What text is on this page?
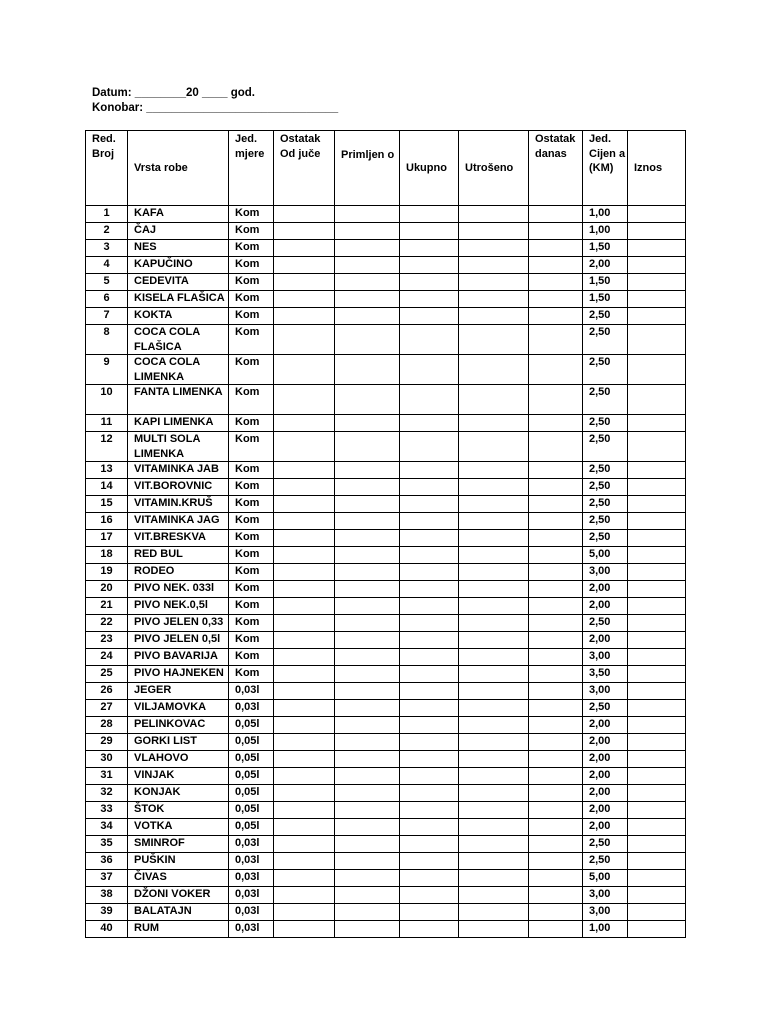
Datum: ________20 ____ god.
Konobar: ______________________________
Red. Broj	Vrsta robe	Jed. mjere	Ostatak Od juče	Primljen o	Ukupno	Utrošeno	Ostatak danas	Jed. Cijen a (KM)	Iznos
1	KAFA	Kom						1,00	
2	ČAJ	Kom						1,00	
3	NES	Kom						1,50	
4	KAPUČINO	Kom						2,00	
5	CEDEVITA	Kom						1,50	
6	KISELA FLAŠICA	Kom						1,50	
7	KOKTA	Kom						2,50	
8	COCA COLA FLAŠICA	Kom						2,50	
9	COCA COLA LIMENKA	Kom						2,50	
10	FANTA LIMENKA	Kom						2,50	
11	KAPI LIMENKA	Kom						2,50	
12	MULTI SOLA LIMENKA	Kom						2,50	
13	VITAMINKA JAB	Kom						2,50	
14	VIT.BOROVNIC	Kom						2,50	
15	VITAMIN.KRUŠ	Kom						2,50	
16	VITAMINKA JAG	Kom						2,50	
17	VIT.BRESKVA	Kom						2,50	
18	RED BUL	Kom						5,00	
19	RODEO	Kom						3,00	
20	PIVO NEK. 033l	Kom						2,00	
21	PIVO NEK.0,5l	Kom						2,00	
22	PIVO JELEN 0,33	Kom						2,50	
23	PIVO JELEN 0,5l	Kom						2,00	
24	PIVO BAVARIJA	Kom						3,00	
25	PIVO HAJNEKEN	Kom						3,50	
26	JEGER	0,03l						3,00	
27	VILJAMOVKA	0,03l						2,50	
28	PELINKOVAC	0,05l						2,00	
29	GORKI LIST	0,05l						2,00	
30	VLAHOVO	0,05l						2,00	
31	VINJAK	0,05l						2,00	
32	KONJAK	0,05l						2,00	
33	ŠTOK	0,05l						2,00	
34	VOTKA	0,05l						2,00	
35	SMINROF	0,03l						2,50	
36	PUŠKIN	0,03l						2,50	
37	ČIVAS	0,03l						5,00	
38	DŽONI VOKER	0,03l						3,00	
39	BALATAJN	0,03l						3,00	
40	RUM	0,03l						1,00	
